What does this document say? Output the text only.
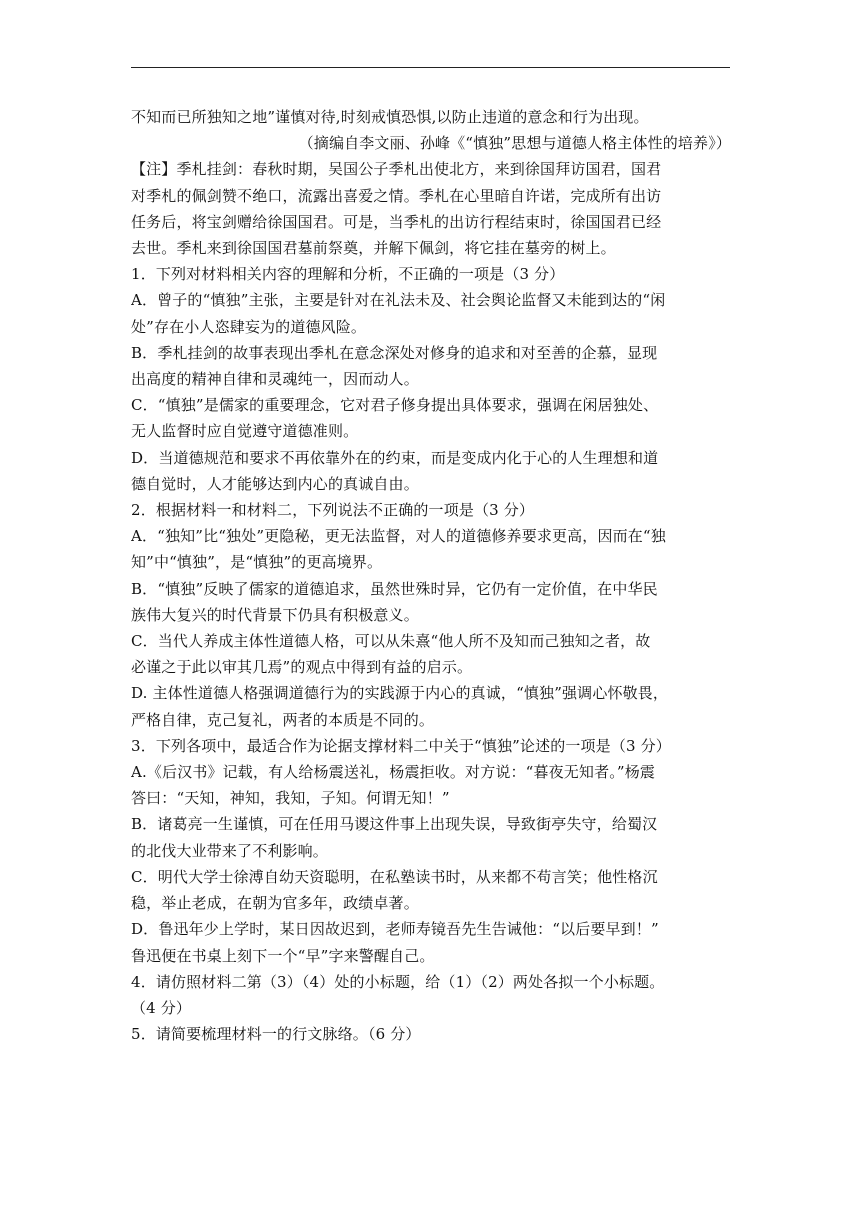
不知而已所独知之地”谨慎对待,时刻戒慎恐惧,以防止违道的意念和行为出现。
（摘编自李文丽、孙峰《“慎独”思想与道德人格主体性的培养》）
【注】季札挂剑：春秋时期，吴国公子季札出使北方，来到徐国拜访国君，国君
对季札的佩剑赞不绝口，流露出喜爱之情。季札在心里暗自许诺，完成所有出访
任务后，将宝剑赠给徐国国君。可是，当季札的出访行程结束时，徐国国君已经
去世。季札来到徐国国君墓前祭奠，并解下佩剑，将它挂在墓旁的树上。
1．下列对材料相关内容的理解和分析，不正确的一项是（3 分）
A．曾子的“慎独”主张，主要是针对在礼法未及、社会舆论监督又未能到达的“闲
处”存在小人恣肆妄为的道德风险。
B．季札挂剑的故事表现出季札在意念深处对修身的追求和对至善的企慕，显现
出高度的精神自律和灵魂纯一，因而动人。
C．“慎独”是儒家的重要理念，它对君子修身提出具体要求，强调在闲居独处、
无人监督时应自觉遵守道德准则。
D．当道德规范和要求不再依靠外在的约束，而是变成内化于心的人生理想和道
德自觉时，人才能够达到内心的真诚自由。
2．根据材料一和材料二，下列说法不正确的一项是（3 分）
A．“独知”比“独处”更隐秘，更无法监督，对人的道德修养要求更高，因而在“独
知”中“慎独”，是“慎独”的更高境界。
B．“慎独”反映了儒家的道德追求，虽然世殊时异，它仍有一定价值，在中华民
族伟大复兴的时代背景下仍具有积极意义。
C．当代人养成主体性道德人格，可以从朱熹“他人所不及知而己独知之者，故
必谨之于此以审其几焉”的观点中得到有益的启示。
D. 主体性道德人格强调道德行为的实践源于内心的真诚，“慎独”强调心怀敬畏，
严格自律，克己复礼，两者的本质是不同的。
3．下列各项中，最适合作为论据支撑材料二中关于“慎独”论述的一项是（3 分）
A.《后汉书》记载，有人给杨震送礼，杨震拒收。对方说：“暮夜无知者。”杨震
答曰：“天知，神知，我知，子知。何谓无知！”
B．诸葛亮一生谨慎，可在任用马谡这件事上出现失误，导致街亭失守，给蜀汉
的北伐大业带来了不利影响。
C．明代大学士徐溥自幼天资聪明，在私塾读书时，从来都不苟言笑；他性格沉
稳，举止老成，在朝为官多年，政绩卓著。
D．鲁迅年少上学时，某日因故迟到，老师寿镜吾先生告诫他：“以后要早到！”
鲁迅便在书桌上刻下一个“早”字来警醒自己。
4．请仿照材料二第（3）（4）处的小标题，给（1）（2）两处各拟一个小标题。
（4 分）
5．请简要梳理材料一的行文脉络。（6 分）
